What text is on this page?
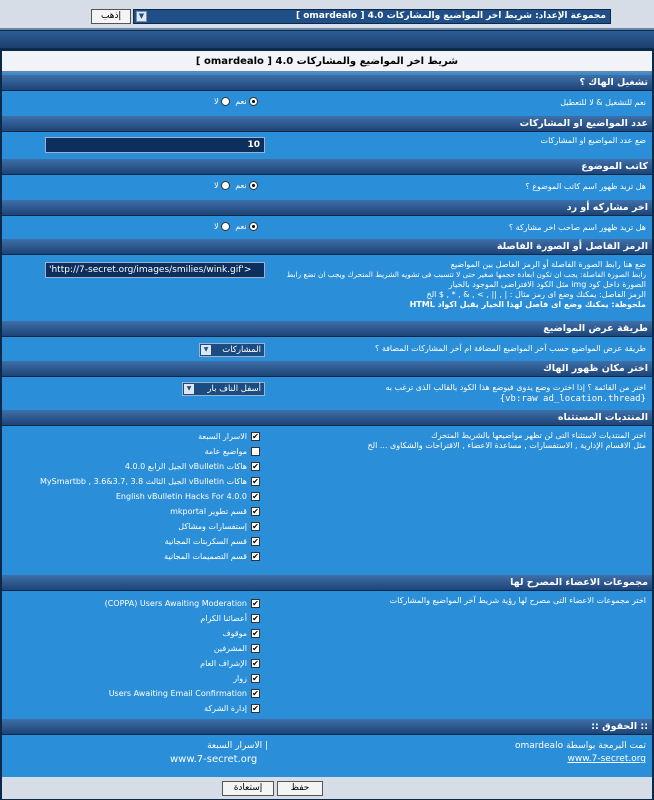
إذهب	مجموعة الإعداد: شريط اخر المواضيع والمشاركات 4.0 [ omardealo ]
▼
شريط اخر المواضيع والمشاركات 4.0 [ omardealo ]
تشغيل الهاك ؟
نعم للتشغيل & لا للتعطيل
نعم   لا
عدد المواضيع او المشاركات
ضع عدد المواضيع او المشاركات
10
كاتب الموضوع
هل تريد ظهور اسم كاتب الموضوع ؟
نعم   لا
اخر مشاركه أو رد
هل تريد ظهور اسم صاحب اخر مشاركة ؟
نعم   لا
الرمز الفاصل أو الصورة الفاصلة
ضع هنا رابط الصورة الفاصلة أو الرمز الفاصل بين المواضيع
رابط الصورة الفاصلة: يجب ان تكون ابعادة حجمها صغير حتى لا تتسبب فى تشويه الشريط المتحرك ويجب ان تضع رابط
الصورة داخل كود img مثل الكود الافتراضى الموجود بالخيار
الرمز الفاصل: يمكنك وضع اى رمز مثال : | , || , > , & , * , $ الخ
ملحوظة: يمكنك وضع اى فاصل لهذا الخيار يقبل اكواد HTML
'http://7-secret.org/images/smilies/wink.gif'>
طريقة عرض المواضيع
طريقة عرض المواضيع حسب آخر المواضيع المضافة ام آخر المشاركات المضافة ؟
المشاركات
▼
اختر مكان ظهور الهاك
اختر من القائمة ؟ إذا اخترت وضع يدوى فيوضع هذا الكود بالقالب الذى ترغب به
{vb:raw ad_location.thread}
أسفل الناف بار
▼
المنتديات المستثناه
اختر المنتديات لاستثناء التى لن تظهر مواضيعها بالشريط المتحرك
مثل الاقسام الإدارية , الاستفسارات , مساعدة الاعضاء , الاقتراحات والشكاوى ... الخ
✔الاسرار السبعة
مواضيع عامة
✔هاكات vBulletin الجيل الرابع 4.0.0
✔هاكات vBulletin الجيل الثالث 3.8 ,3.7&3.6 , MySmartbb
✔English vBulletin Hacks For 4.0.0
✔قسم تطوير mkportal
✔إستفسارات ومشاكل
✔قسم السكربتات المجانية
✔قسم التصميمات المجانية
مجموعات الاعضاء المصرح لها
اختر مجموعات الاعضاء التى مصرح لها رؤية شريط آخر المواضيع والمشاركات
✔COPPA) Users Awaiting Moderation)
✔أعضائنا الكرام
✔موقوف
✔المشرفين
✔الإشراف العام
✔زوار
✔Users Awaiting Email Confirmation
✔إدارة الشركة
:: الحقوق ::
| الاسرار السبعة
www.7-secret.org
تمت البرمجة بواسطة omardealo
www.7-secret.org
حفظ
إستعادة
